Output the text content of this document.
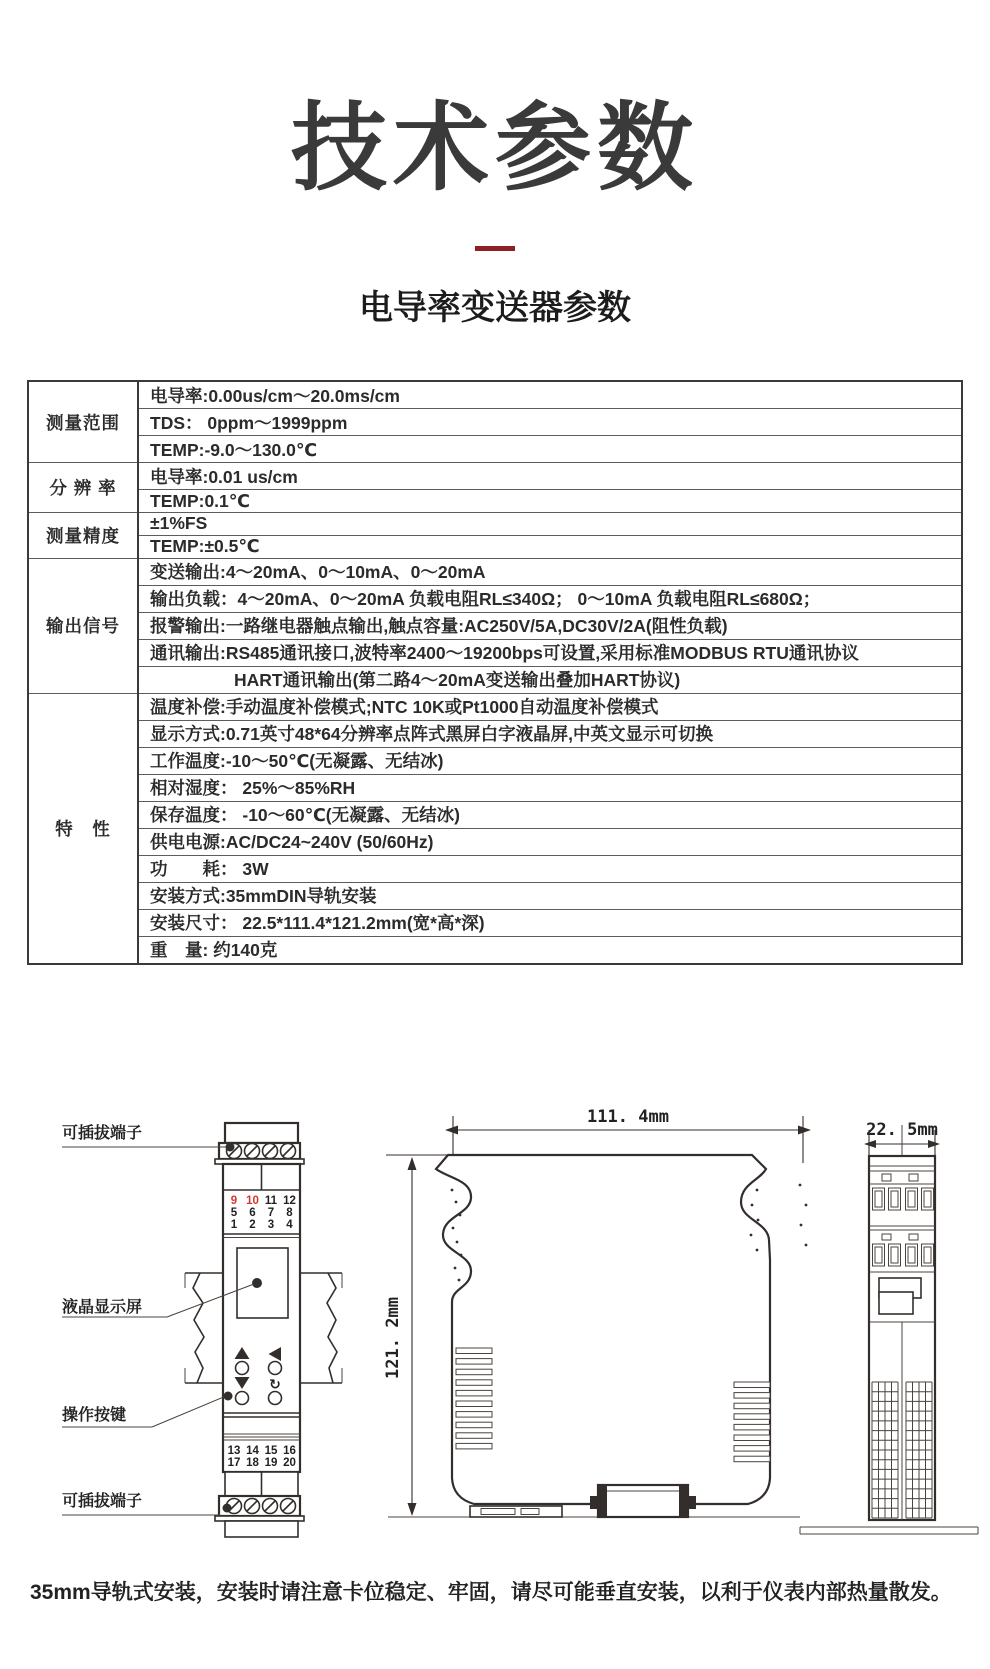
技术参数
电导率变送器参数
测量范围	电导率:0.00us/cm～20.0ms/cm
	TDS： 0ppm～1999ppm
	TEMP:-9.0～130.0℃
分 辨 率	电导率:0.01 us/cm
	TEMP:0.1℃
测量精度	±1%FS
	TEMP:±0.5℃
输出信号	变送输出:4～20mA、0～10mA、0～20mA
	输出负载：4～20mA、0～20mA 负载电阻RL≤340Ω； 0～10mA 负载电阻RL≤680Ω；
	报警输出:一路继电器触点输出,触点容量:AC250V/5A,DC30V/2A(阻性负载)
	通讯输出:RS485通讯接口,波特率2400～19200bps可设置,采用标准MODBUS RTU通讯协议
	HART通讯输出(第二路4～20mA变送输出叠加HART协议)
特　性	温度补偿:手动温度补偿模式;NTC 10K或Pt1000自动温度补偿模式
	显示方式:0.71英寸48*64分辨率点阵式黑屏白字液晶屏,中英文显示可切换
	工作温度:-10～50℃(无凝露、无结冰)
	相对湿度： 25%～85%RH
	保存温度： -10～60℃(无凝露、无结冰)
	供电电源:AC/DC24~240V (50/60Hz)
	功　　耗： 3W
	安装方式:35mmDIN导轨安装
	安装尺寸： 22.5*111.4*121.2mm(宽*高*深)
	重　量: 约140克
9 10 11 12
5 6 7 8
1 2 3 4
↻
13 14 15 16
17 18 19 20
可插拔端子
液晶显示屏
操作按键
可插拔端子
111. 4mm
121. 2mm
22. 5mm
35mm导轨式安装，安装时请注意卡位稳定、牢固，请尽可能垂直安装，以利于仪表内部热量散发。
